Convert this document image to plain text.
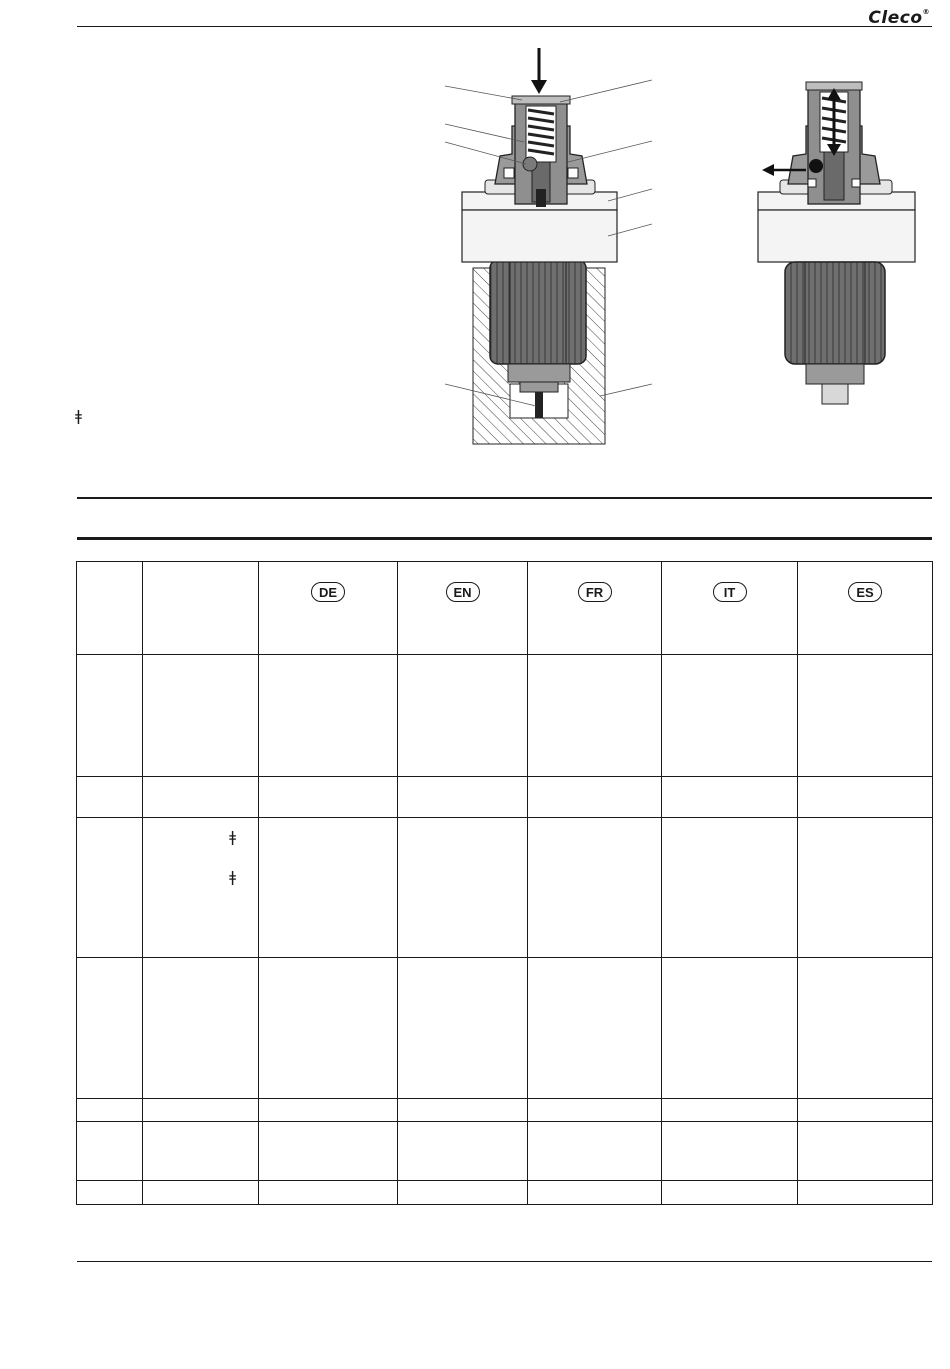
Cleco®
ǂ
		DE	EN	FR	IT	ES

	ǂ
ǂ					
